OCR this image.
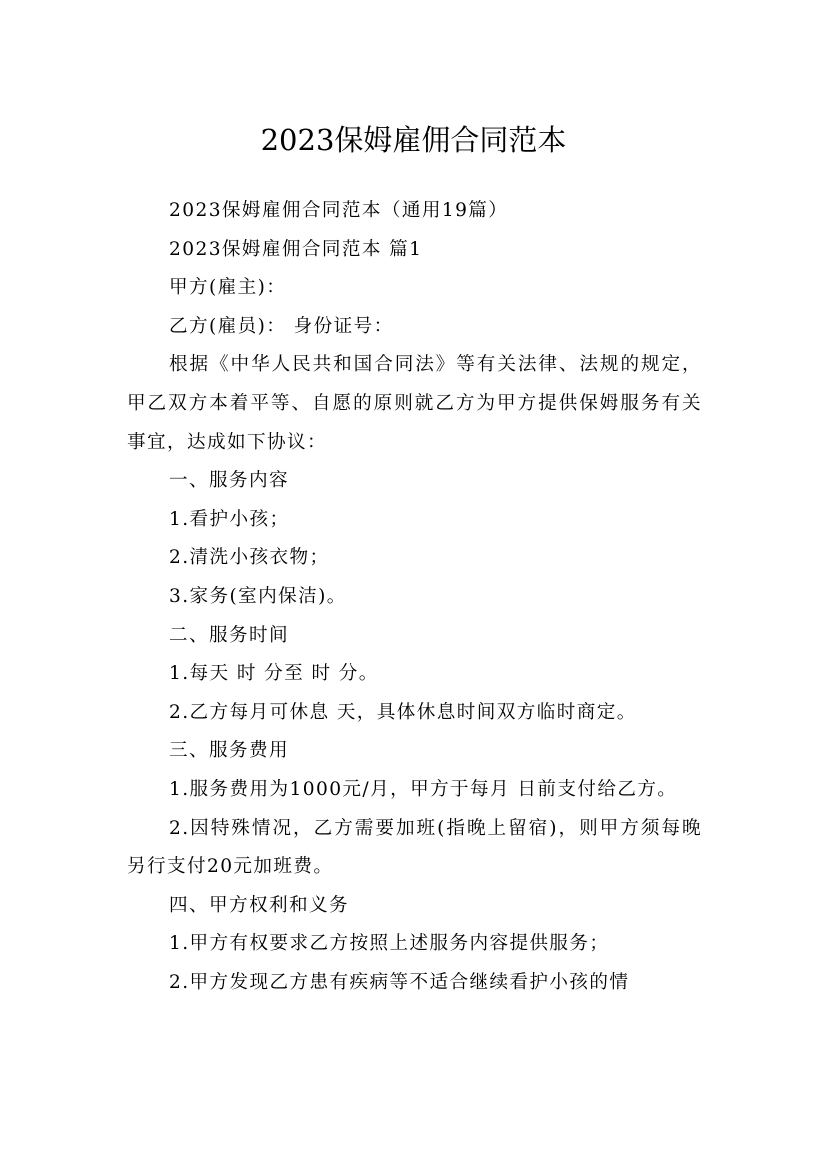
2023保姆雇佣合同范本

2023保姆雇佣合同范本（通用19篇）

2023保姆雇佣合同范本 篇1

甲方(雇主)：

乙方(雇员)： 身份证号：

根据《中华人民共和国合同法》等有关法律、法规的规定，甲乙双方本着平等、自愿的原则就乙方为甲方提供保姆服务有关事宜，达成如下协议：

一、服务内容

1.看护小孩；

2.清洗小孩衣物；

3.家务(室内保洁)。

二、服务时间

1.每天 时 分至 时 分。

2.乙方每月可休息 天，具体休息时间双方临时商定。

三、服务费用

1.服务费用为1000元/月，甲方于每月 日前支付给乙方。

2.因特殊情况，乙方需要加班(指晚上留宿)，则甲方须每晚另行支付20元加班费。

四、甲方权利和义务

1.甲方有权要求乙方按照上述服务内容提供服务；

2.甲方发现乙方患有疾病等不适合继续看护小孩的情
